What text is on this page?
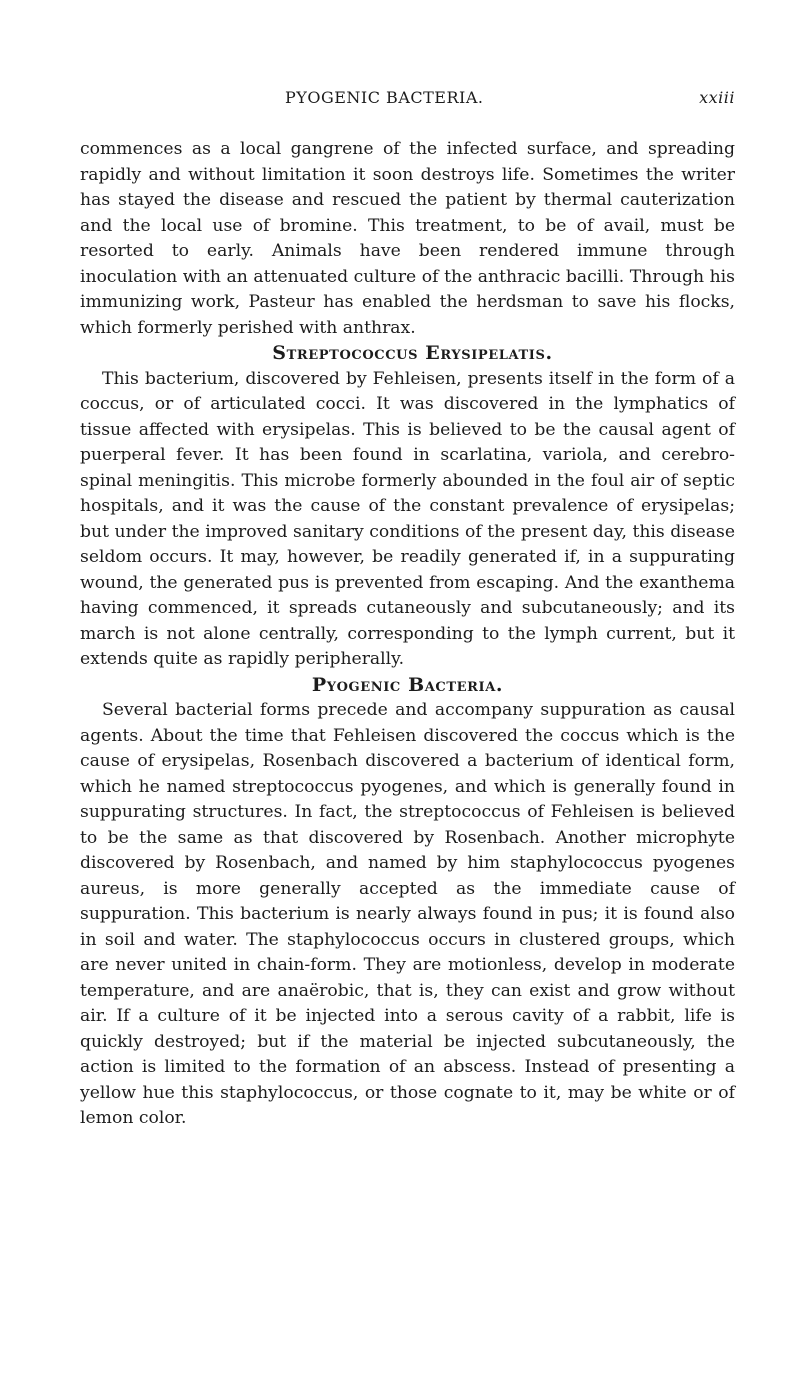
PYOGENIC BACTERIA.	xxiii

commences as a local gangrene of the infected surface, and spreading rapidly and without limitation it soon destroys life. Sometimes the writer has stayed the disease and rescued the patient by thermal cauterization and the local use of bromine. This treatment, to be of avail, must be resorted to early. Animals have been rendered immune through inoculation with an attenuated culture of the anthracic bacilli. Through his immunizing work, Pasteur has enabled the herdsman to save his flocks, which formerly perished with anthrax.

Streptococcus Erysipelatis.

This bacterium, discovered by Fehleisen, presents itself in the form of a coccus, or of articulated cocci. It was discovered in the lymphatics of tissue affected with erysipelas. This is believed to be the causal agent of puerperal fever. It has been found in scarlatina, variola, and cerebro-spinal meningitis. This microbe formerly abounded in the foul air of septic hospitals, and it was the cause of the constant prevalence of erysipelas; but under the improved sanitary conditions of the present day, this disease seldom occurs. It may, however, be readily generated if, in a suppurating wound, the generated pus is prevented from escaping. And the exanthema having commenced, it spreads cutaneously and subcutaneously; and its march is not alone centrally, corresponding to the lymph current, but it extends quite as rapidly peripherally.

Pyogenic Bacteria.

Several bacterial forms precede and accompany suppuration as causal agents. About the time that Fehleisen discovered the coccus which is the cause of erysipelas, Rosenbach discovered a bacterium of identical form, which he named streptococcus pyogenes, and which is generally found in suppurating structures. In fact, the streptococcus of Fehleisen is believed to be the same as that discovered by Rosenbach. Another microphyte discovered by Rosenbach, and named by him staphylococcus pyogenes aureus, is more generally accepted as the immediate cause of suppuration. This bacterium is nearly always found in pus; it is found also in soil and water. The staphylococcus occurs in clustered groups, which are never united in chain-form. They are motionless, develop in moderate temperature, and are anaërobic, that is, they can exist and grow without air. If a culture of it be injected into a serous cavity of a rabbit, life is quickly destroyed; but if the material be injected subcutaneously, the action is limited to the formation of an abscess. Instead of presenting a yellow hue this staphylococcus, or those cognate to it, may be white or of lemon color.
